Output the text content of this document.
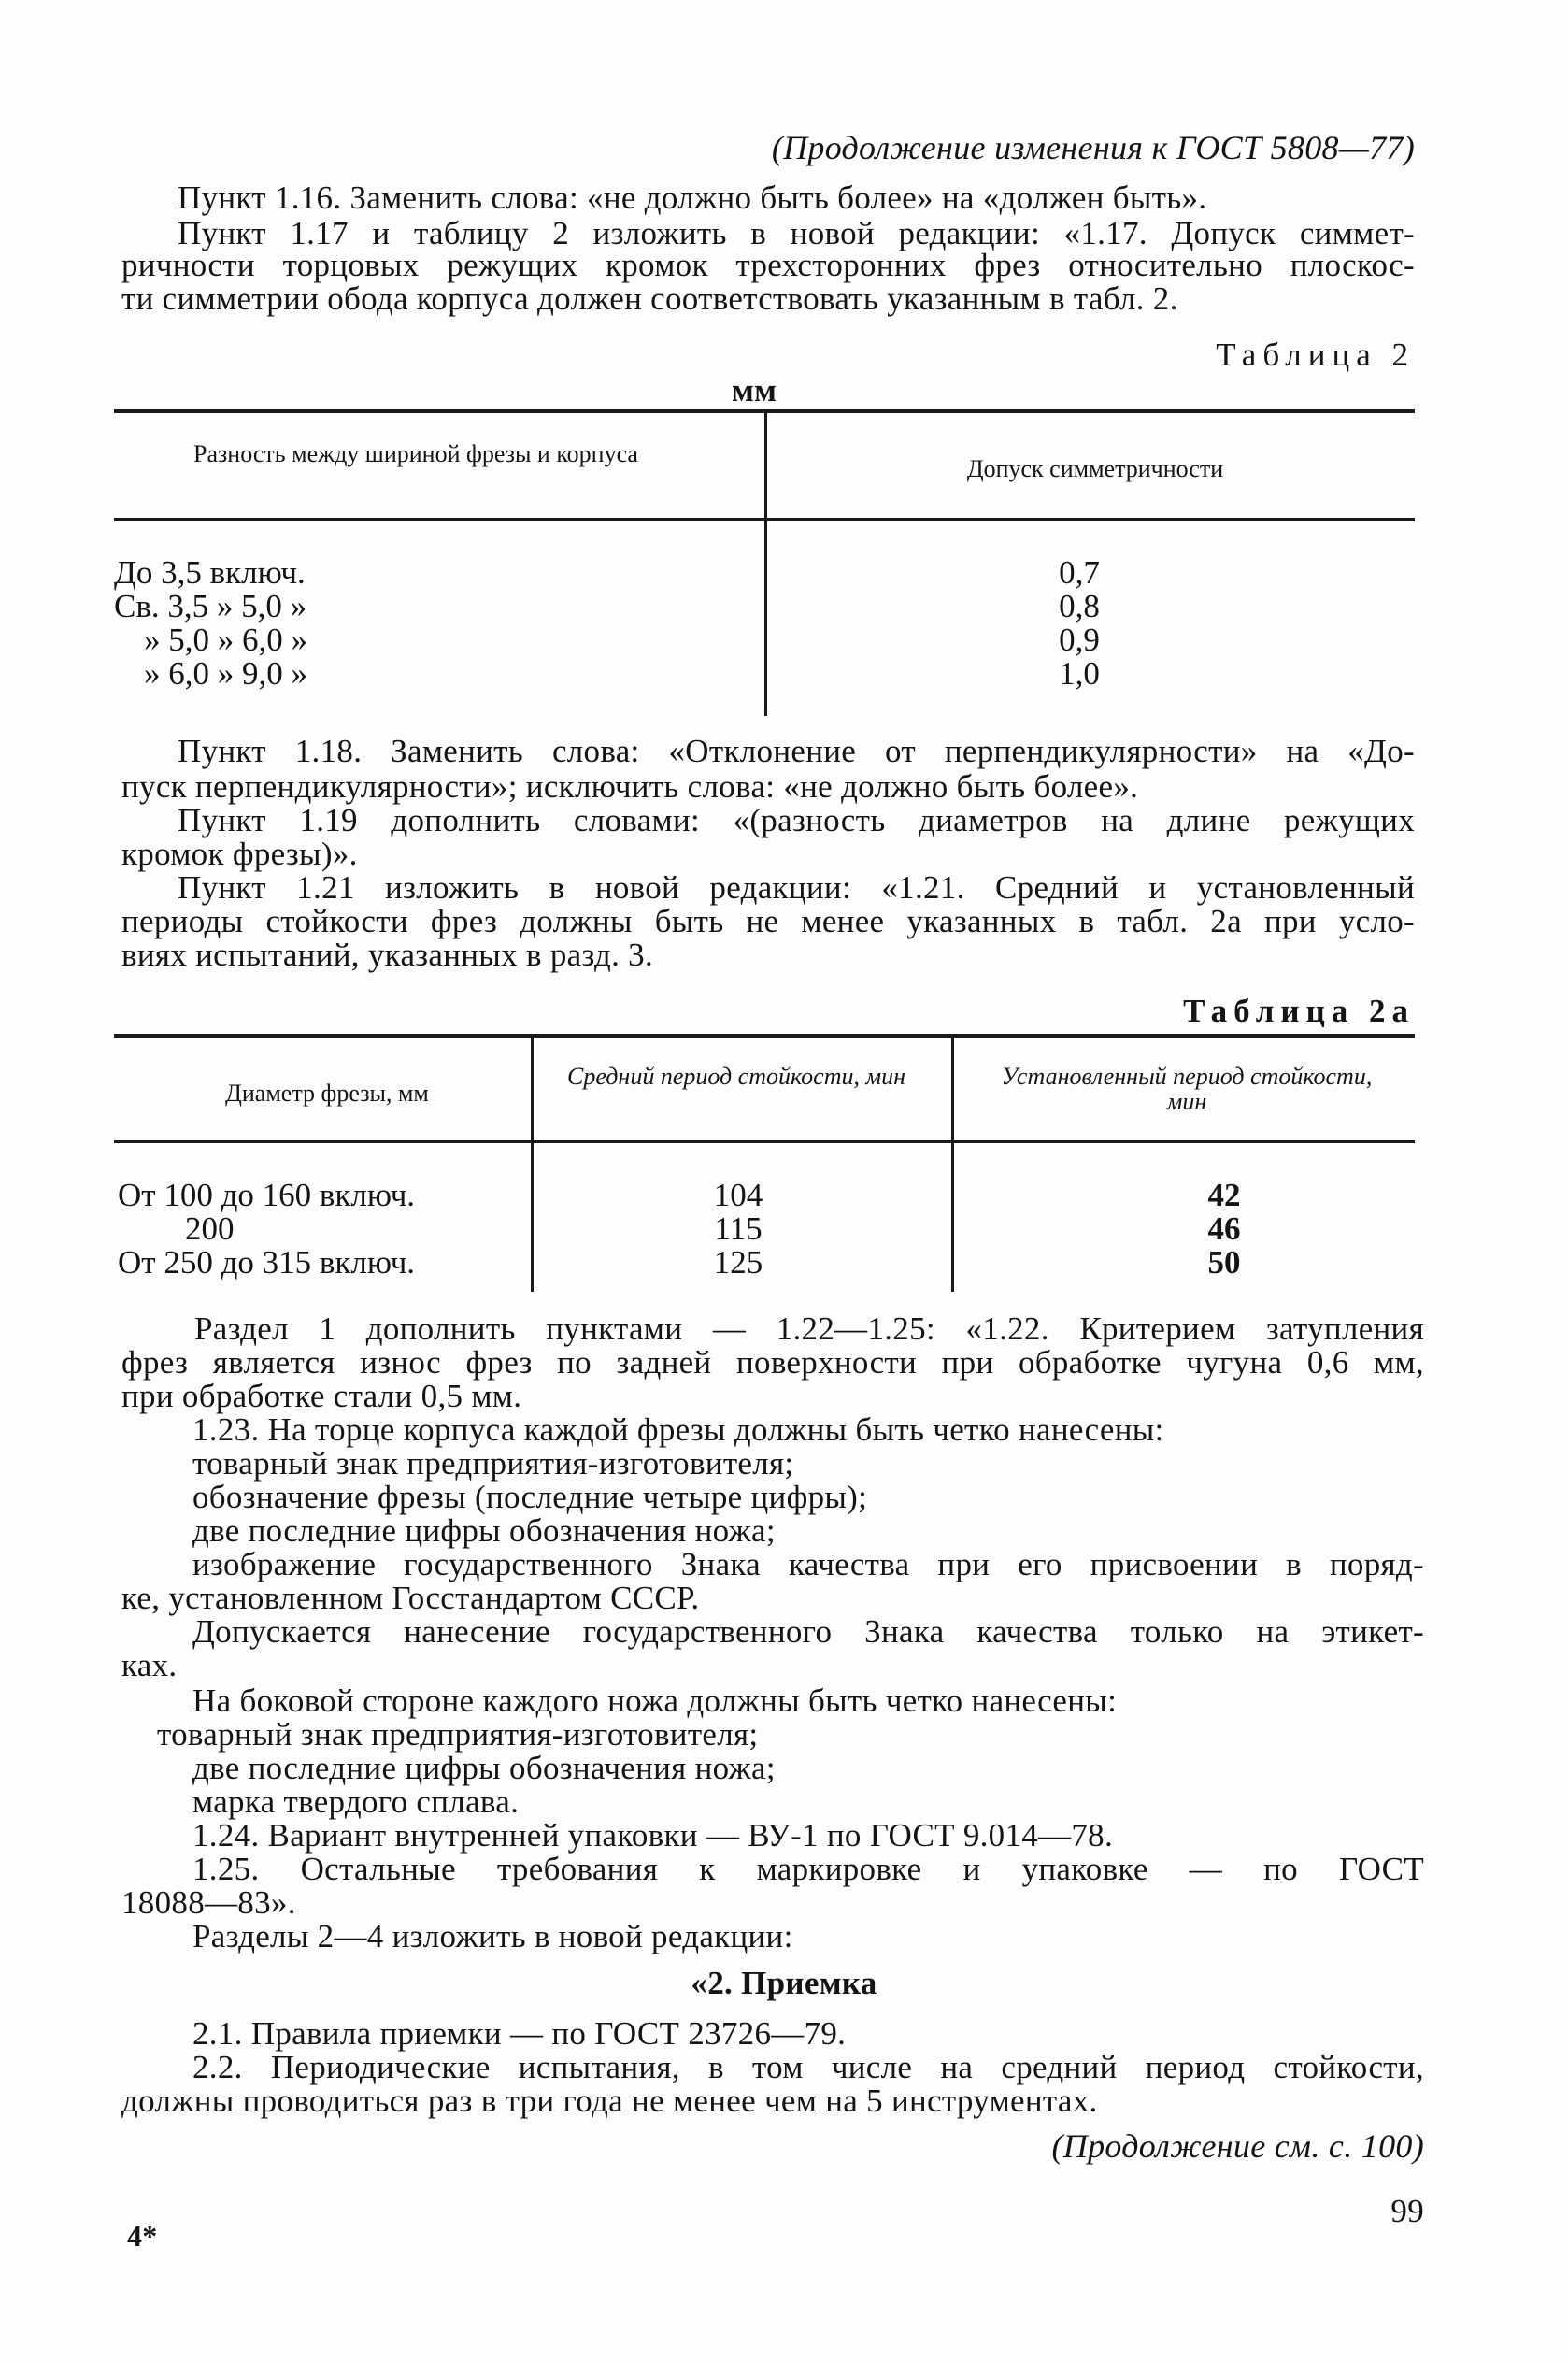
(Продолжение изменения к ГОСТ 5808—77)
Пункт 1.16. Заменить слова: «не должно быть более» на «должен быть».
Пункт 1.17 и таблицу 2 изложить в новой редакции: «1.17. Допуск симмет-
ричности торцовых режущих кромок трехсторонних фрез относительно плоскос-
ти симметрии обода корпуса должен соответствовать указанным в табл. 2.
Таблица 2
мм
Разность между шириной фрезы и корпуса
Допуск симметричности
До 3,5 включ.
Св. 3,5 » 5,0 »
» 5,0 » 6,0 »
» 6,0 » 9,0 »
0,7
0,8
0,9
1,0
Пункт 1.18. Заменить слова: «Отклонение от перпендикулярности» на «До-
пуск перпендикулярности»; исключить слова: «не должно быть более».
Пункт 1.19 дополнить словами: «(разность диаметров на длине режущих
кромок фрезы)».
Пункт 1.21 изложить в новой редакции: «1.21. Средний и установленный
периоды стойкости фрез должны быть не менее указанных в табл. 2а при усло-
виях испытаний, указанных в разд. 3.
Таблица 2а
Диаметр фрезы, мм
Средний период стойкости, мин	Установленный период стойкости, мин
От 100 до 160 включ.
200
От 250 до 315 включ.
104
115
125
42
46
50
Раздел 1 дополнить пунктами — 1.22—1.25: «1.22. Критерием затупления
фрез является износ фрез по задней поверхности при обработке чугуна 0,6 мм,
при обработке стали 0,5 мм.
1.23. На торце корпуса каждой фрезы должны быть четко нанесены:
товарный знак предприятия-изготовителя;
обозначение фрезы (последние четыре цифры);
две последние цифры обозначения ножа;
изображение государственного Знака качества при его присвоении в поряд-
ке, установленном Госстандартом СССР.
Допускается нанесение государственного Знака качества только на этикет-
ках.
На боковой стороне каждого ножа должны быть четко нанесены:
товарный знак предприятия-изготовителя;
две последние цифры обозначения ножа;
марка твердого сплава.
1.24. Вариант внутренней упаковки — ВУ-1 по ГОСТ 9.014—78.
1.25. Остальные требования к маркировке и упаковке — по ГОСТ
18088—83».
Разделы 2—4 изложить в новой редакции:
«2. Приемка
2.1. Правила приемки — по ГОСТ 23726—79.
2.2. Периодические испытания, в том числе на средний период стойкости,
должны проводиться раз в три года не менее чем на 5 инструментах.
(Продолжение см. с. 100)
4*
99
